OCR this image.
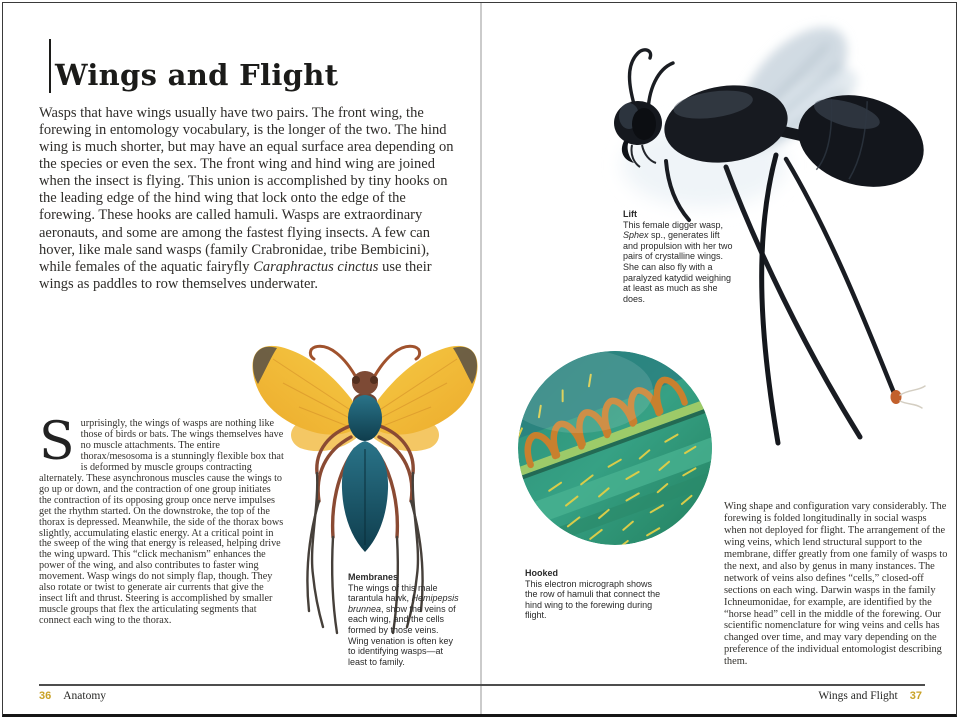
Wings and Flight

Wasps that have wings usually have two pairs. The front wing, the forewing in entomology vocabulary, is the longer of the two. The hind wing is much shorter, but may have an equal surface area depending on the species or even the sex. The front wing and hind wing are joined when the insect is flying. This union is accomplished by tiny hooks on the leading edge of the hind wing that lock onto the edge of the forewing. These hooks are called hamuli. Wasps are extraordinary aeronauts, and some are among the fastest flying insects. A few can hover, like male sand wasps (family Crabronidae, tribe Bembicini), while females of the aquatic fairyfly Caraphractus cinctus use their wings as paddles to row themselves underwater.

Surprisingly, the wings of wasps are nothing like those of birds or bats. The wings themselves have no muscle attachments. The entire thorax/mesosoma is a stunningly flexible box that is deformed by muscle groups contracting alternately. These asynchronous muscles cause the wings to go up or down, and the contraction of one group initiates the contraction of its opposing group once nerve impulses get the rhythm started. On the downstroke, the top of the thorax is depressed. Meanwhile, the side of the thorax bows slightly, accumulating elastic energy. At a critical point in the sweep of the wing that energy is released, helping drive the wing upward. This “click mechanism” enhances the power of the wing, and also contributes to faster wing movement. Wasp wings do not simply flap, though. They also rotate or twist to generate air currents that give the insect lift and thrust. Steering is accomplished by smaller muscle groups that flex the articulating segments that connect each wing to the thorax.
Membranes
The wings of this male tarantula hawk, Hemipepsis brunnea, show the veins of each wing, and the cells formed by those veins. Wing venation is often key to identifying wasps—at least to family.
Lift
This female digger wasp, Sphex sp., generates lift and propulsion with her two pairs of crystalline wings. She can also fly with a paralyzed katydid weighing at least as much as she does.
Hooked
This electron micrograph shows the row of hamuli that connect the hind wing to the forewing during flight.

Wing shape and configuration vary considerably. The forewing is folded longitudinally in social wasps when not deployed for flight. The arrangement of the wing veins, which lend structural support to the membrane, differ greatly from one family of wasps to the next, and also by genus in many instances. The network of veins also defines “cells,” closed-off sections on each wing. Darwin wasps in the family Ichneumonidae, for example, are identified by the “horse head” cell in the middle of the forewing. Our scientific nomenclature for wing veins and cells has changed over time, and may vary depending on the preference of the individual entomologist describing them.

36 Anatomy	Wings and Flight 37
